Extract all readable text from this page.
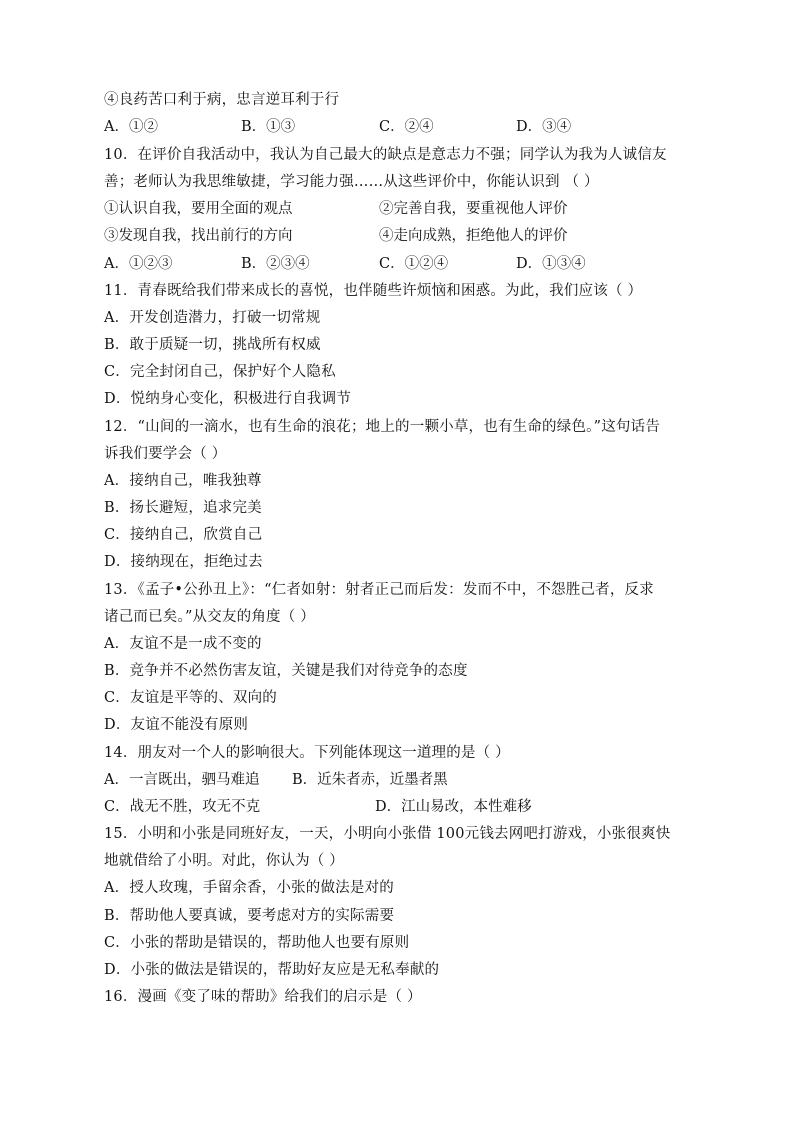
④良药苦口利于病，忠言逆耳利于行
A．①②	B．①③	C．②④	D．③④
10．在评价自我活动中，我认为自己最大的缺点是意志力不强；同学认为我为人诚信友
善；老师认为我思维敏捷，学习能力强……从这些评价中，你能认识到 （ ）
①认识自我，要用全面的观点	②完善自我，要重视他人评价
③发现自我，找出前行的方向	④走向成熟，拒绝他人的评价
A．①②③	B．②③④	C．①②④	D．①③④
11．青春既给我们带来成长的喜悦，也伴随些许烦恼和困惑。为此，我们应该（ ）
A．开发创造潜力，打破一切常规
B．敢于质疑一切，挑战所有权威
C．完全封闭自己，保护好个人隐私
D．悦纳身心变化，积极进行自我调节
12．“山间的一滴水，也有生命的浪花；地上的一颗小草，也有生命的绿色。”这句话告
诉我们要学会（ ）
A．接纳自己，唯我独尊
B．扬长避短，追求完美
C．接纳自己，欣赏自己
D．接纳现在，拒绝过去
13．《孟子•公孙丑上》：“仁者如射：射者正己而后发：发而不中，不怨胜己者，反求
诸己而已矣。”从交友的角度（ ）
A．友谊不是一成不变的
B．竞争并不必然伤害友谊，关键是我们对待竞争的态度
C．友谊是平等的、双向的
D．友谊不能没有原则
14．朋友对一个人的影响很大。下列能体现这一道理的是（ ）
A．一言既出，驷马难追 B．近朱者赤，近墨者黑
C．战无不胜，攻无不克	D．江山易改，本性难移
15．小明和小张是同班好友，一天，小明向小张借 100元钱去网吧打游戏，小张很爽快
地就借给了小明。对此，你认为（ ）
A．授人玫瑰，手留余香，小张的做法是对的
B．帮助他人要真诚，要考虑对方的实际需要
C．小张的帮助是错误的，帮助他人也要有原则
D．小张的做法是错误的，帮助好友应是无私奉献的
16．漫画《变了味的帮助》给我们的启示是（ ）
